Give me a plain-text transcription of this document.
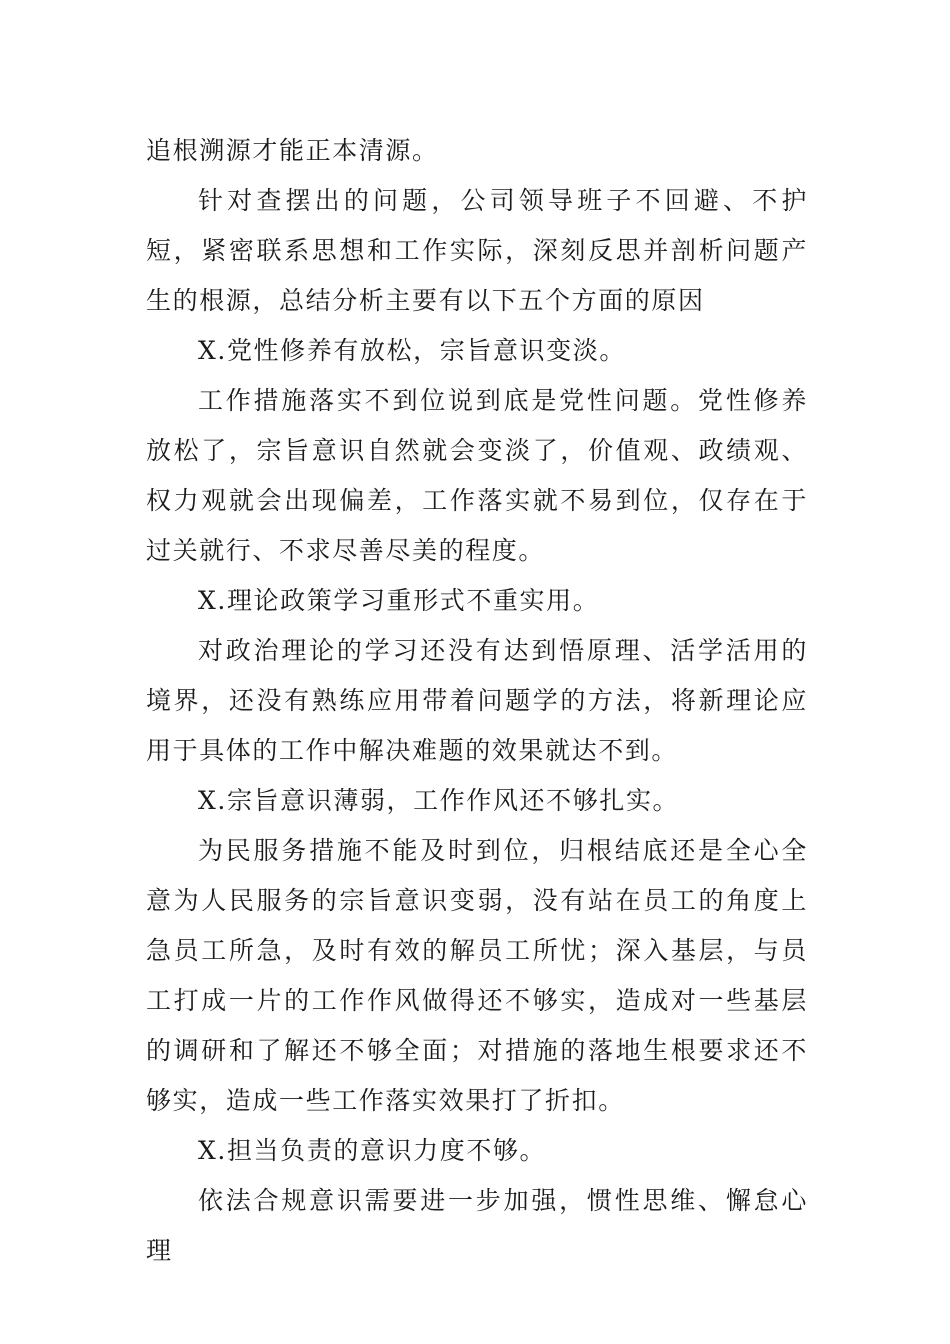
追根溯源才能正本清源。

针对查摆出的问题，公司领导班子不回避、不护短，紧密联系思想和工作实际，深刻反思并剖析问题产生的根源，总结分析主要有以下五个方面的原因

X.党性修养有放松，宗旨意识变淡。

工作措施落实不到位说到底是党性问题。党性修养放松了，宗旨意识自然就会变淡了，价值观、政绩观、权力观就会出现偏差，工作落实就不易到位，仅存在于过关就行、不求尽善尽美的程度。

X.理论政策学习重形式不重实用。

对政治理论的学习还没有达到悟原理、活学活用的境界，还没有熟练应用带着问题学的方法，将新理论应用于具体的工作中解决难题的效果就达不到。

X.宗旨意识薄弱，工作作风还不够扎实。

为民服务措施不能及时到位，归根结底还是全心全意为人民服务的宗旨意识变弱，没有站在员工的角度上急员工所急，及时有效的解员工所忧；深入基层，与员工打成一片的工作作风做得还不够实，造成对一些基层的调研和了解还不够全面；对措施的落地生根要求还不够实，造成一些工作落实效果打了折扣。

X.担当负责的意识力度不够。

依法合规意识需要进一步加强，惯性思维、懈怠心理
